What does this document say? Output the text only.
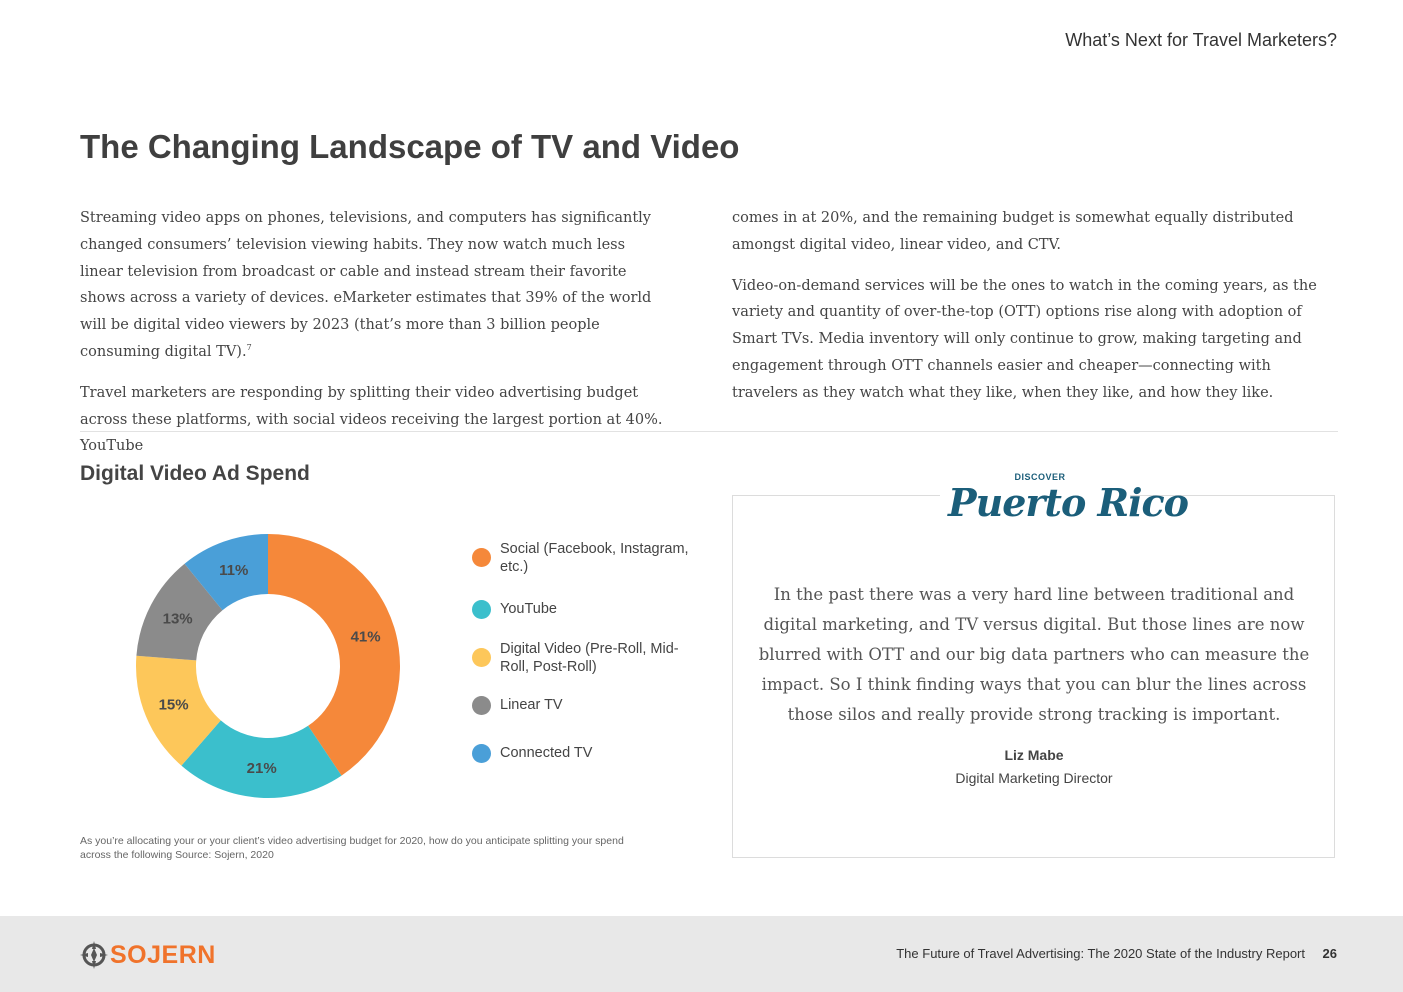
What’s Next for Travel Marketers?
The Changing Landscape of TV and Video

Streaming video apps on phones, televisions, and computers has significantly changed consumers’ television viewing habits. They now watch much less linear television from broadcast or cable and instead stream their favorite shows across a variety of devices. eMarketer estimates that 39% of the world will be digital video viewers by 2023 (that’s more than 3 billion people consuming digital TV).$^7$

Travel marketers are responding by splitting their video advertising budget across these platforms, with social videos receiving the largest portion at 40%. YouTube

comes in at 20%, and the remaining budget is somewhat equally distributed amongst digital video, linear video, and CTV.

Video-on-demand services will be the ones to watch in the coming years, as the variety and quantity of over-the-top (OTT) options rise along with adoption of Smart TVs. Media inventory will only continue to grow, making targeting and engagement through OTT channels easier and cheaper—connecting with travelers as they watch what they like, when they like, and how they like.

Digital Video Ad Spend
41%
21%
15%
13%
11%
Social (Facebook, Instagram, etc.)
YouTube
Digital Video (Pre-Roll, Mid-Roll, Post-Roll)
Linear TV
Connected TV
As you’re allocating your or your client’s video advertising budget for 2020, how do you anticipate splitting your spend across the following Source: Sojern, 2020
DISCOVER
Puerto Rico
In the past there was a very hard line between traditional and digital marketing, and TV versus digital. But those lines are now blurred with OTT and our big data partners who can measure the impact. So I think finding ways that you can blur the lines across those silos and really provide strong tracking is important.
Liz Mabe
Digital Marketing Director
SOJERN	The Future of Travel Advertising: The 2020 State of the Industry Report 26
